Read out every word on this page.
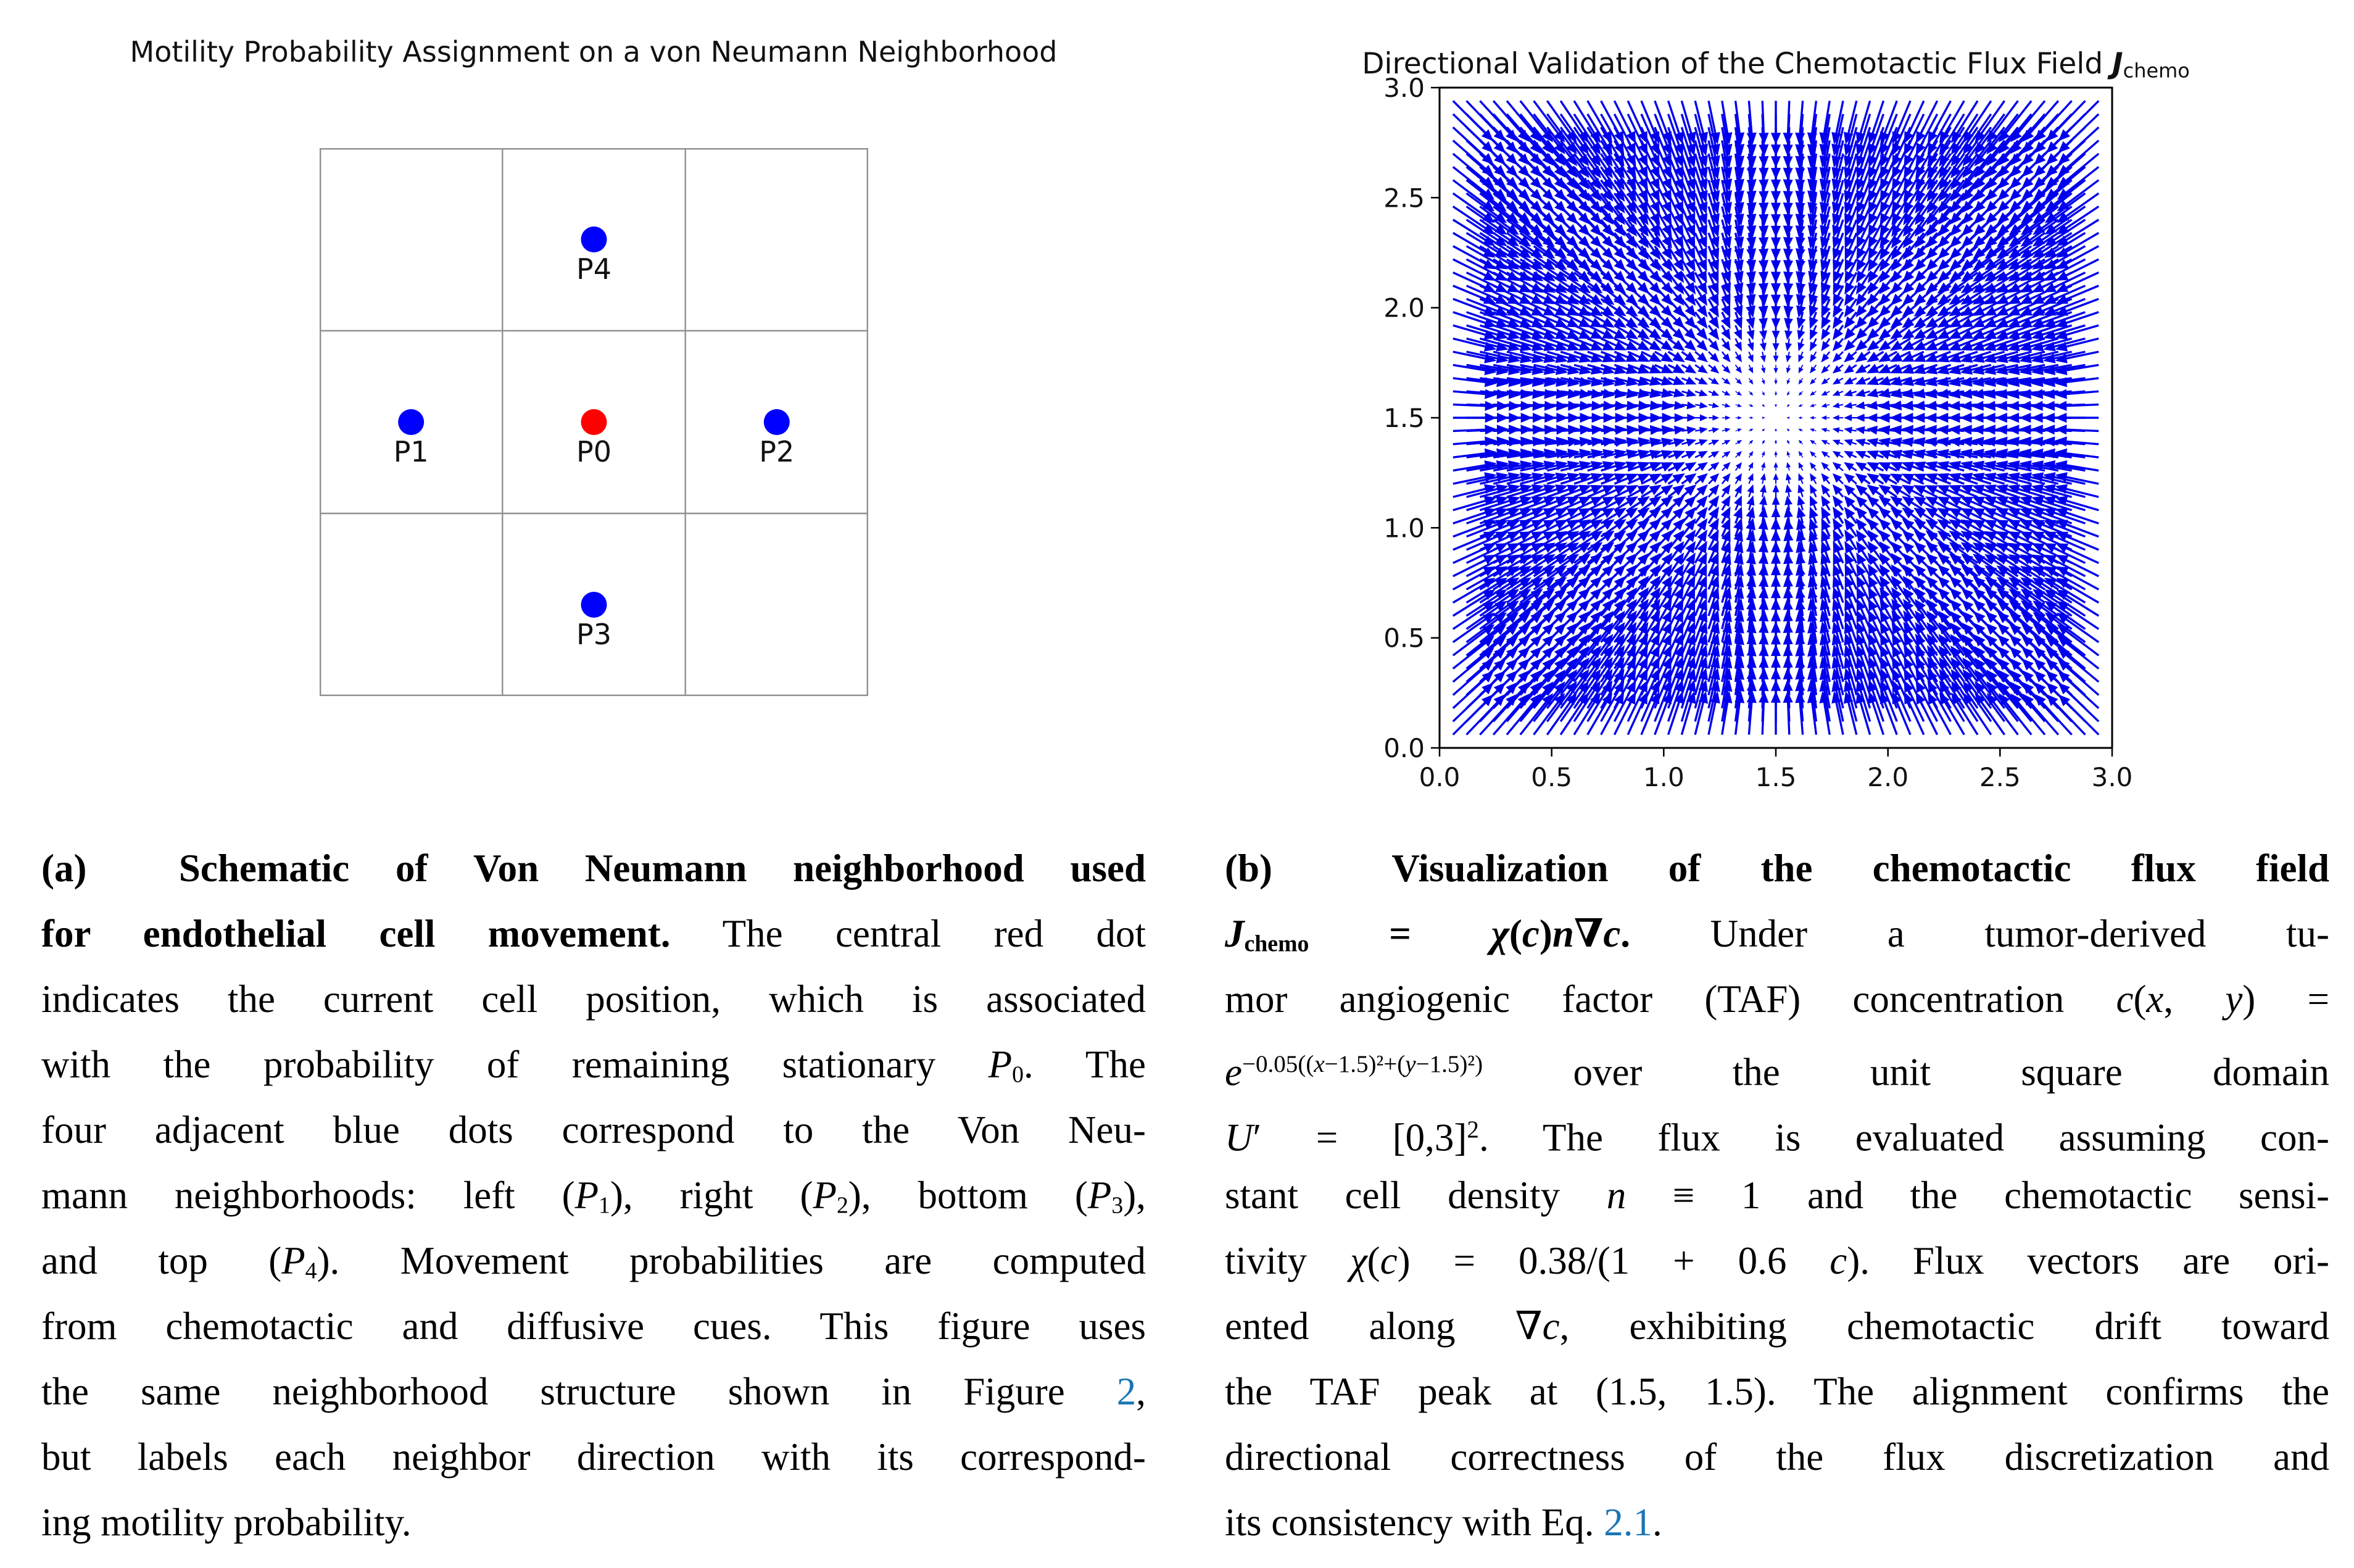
Motility Probability Assignment on a von Neumann Neighborhood
P0
P1	P2
P3
P4
Directional Validation of the Chemotactic Flux Field Jchemo
0.0	0.5	1.0	1.5	2.0	2.5	3.0
0.0
0.5
1.0
1.5
2.0
2.5
3.0
(a)  Schematic of Von Neumann neighborhood used
for endothelial cell movement. The central red dot
indicates the current cell position, which is associated
with the probability of remaining stationary P0. The
four adjacent blue dots correspond to the Von Neu-
mann neighborhoods: left (P1), right (P2), bottom (P3),
and top (P4). Movement probabilities are computed
from chemotactic and diffusive cues. This figure uses
the same neighborhood structure shown in Figure 2,
but labels each neighbor direction with its correspond-
ing motility probability.
(b)  Visualization of the chemotactic flux field
Jchemo = χ(c)n∇c. Under a tumor-derived tu-
mor angiogenic factor (TAF) concentration c(x, y) =
$e^{-0.05((x-1.5)^2+(y-1.5)^2)}$ over the unit square domain
$U' = [0,3]^2$. The flux is evaluated assuming con-
stant cell density n ≡ 1 and the chemotactic sensi-
tivity χ(c) = 0.38/(1 + 0.6 c). Flux vectors are ori-
ented along ∇c, exhibiting chemotactic drift toward
the TAF peak at (1.5, 1.5). The alignment confirms the
directional correctness of the flux discretization and
its consistency with Eq. 2.1.
